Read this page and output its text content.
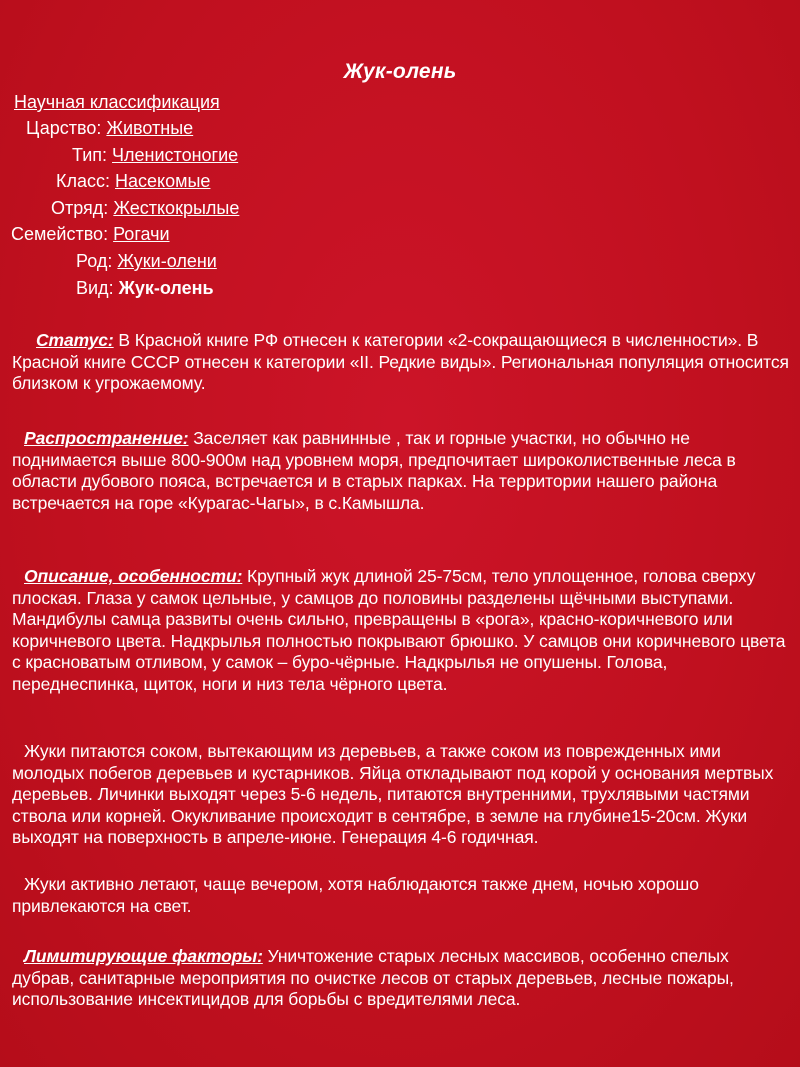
Жук-олень
Научная классификация
Царство: Животные
Тип: Членистоногие
Класс: Насекомые
Отряд: Жесткокрылые
Семейство: Рогачи
Род: Жуки-олени
Вид: Жук-олень
Статус: В Красной книге РФ отнесен к категории «2-сокращающиеся в численности». В Красной книге СССР отнесен к категории «II. Редкие виды». Региональная популяция относится близком к угрожаемому.
Распространение: Заселяет как равнинные , так и горные участки, но обычно не поднимается выше 800-900м над уровнем моря, предпочитает широколиственные леса в области дубового пояса, встречается и в старых парках. На территории нашего района встречается на горе «Курагас-Чагы», в с.Камышла.
Описание, особенности: Крупный жук длиной 25-75см, тело уплощенное, голова сверху плоская. Глаза у самок цельные, у самцов до половины разделены щёчными выступами. Мандибулы самца развиты очень сильно, превращены в «рога», красно-коричневого или коричневого цвета. Надкрылья полностью покрывают брюшко. У самцов они коричневого цвета с красноватым отливом, у самок – буро-чёрные. Надкрылья не опушены. Голова, переднеспинка, щиток, ноги и низ тела чёрного цвета.
Жуки питаются соком, вытекающим из деревьев, а также соком из поврежденных ими молодых побегов деревьев и кустарников. Яйца откладывают под корой у основания мертвых деревьев. Личинки выходят через 5-6 недель, питаются внутренними, трухлявыми частями ствола или корней. Окукливание происходит в сентябре, в земле на глубине15-20см. Жуки выходят на поверхность в апреле-июне. Генерация 4-6 годичная.
Жуки активно летают, чаще вечером, хотя наблюдаются также днем, ночью хорошо привлекаются на свет.
Лимитирующие факторы: Уничтожение старых лесных массивов, особенно спелых дубрав, санитарные мероприятия по очистке лесов от старых деревьев, лесные пожары, использование инсектицидов для борьбы с вредителями леса.
